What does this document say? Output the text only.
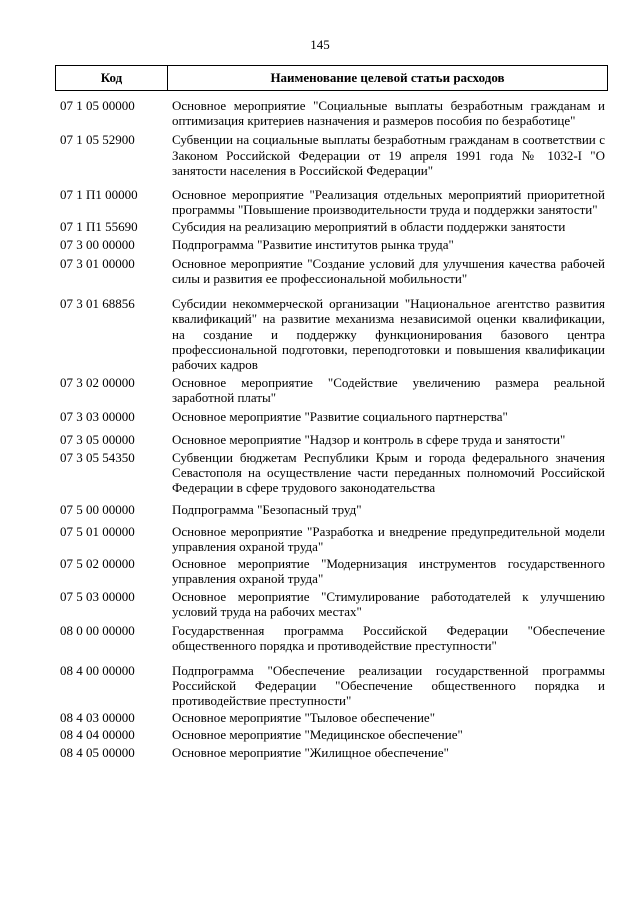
145
Код	Наименование целевой статьи расходов
07 1 05 00000	Основное мероприятие "Социальные выплаты безработным гражданам и оптимизация критериев назначения и размеров пособия по безработице"
07 1 05 52900	Субвенции на социальные выплаты безработным гражданам в соответствии с Законом Российской Федерации от 19 апреля 1991 года № 1032-I "О занятости населения в Российской Федерации"
07 1 П1 00000	Основное мероприятие "Реализация отдельных мероприятий приоритетной программы "Повышение производительности труда и поддержки занятости"
07 1 П1 55690	Субсидия на реализацию мероприятий в области поддержки занятости
07 3 00 00000	Подпрограмма "Развитие институтов рынка труда"
07 3 01 00000	Основное мероприятие "Создание условий для улучшения качества рабочей силы и развития ее профессиональной мобильности"
07 3 01 68856	Субсидии некоммерческой организации "Национальное агентство развития квалификаций" на развитие механизма независимой оценки квалификации, на создание и поддержку функционирования базового центра профессиональной подготовки, переподготовки и повышения квалификации рабочих кадров
07 3 02 00000	Основное мероприятие "Содействие увеличению размера реальной заработной платы"
07 3 03 00000	Основное мероприятие "Развитие социального партнерства"
07 3 05 00000	Основное мероприятие "Надзор и контроль в сфере труда и занятости"
07 3 05 54350	Субвенции бюджетам Республики Крым и города федерального значения Севастополя на осуществление части переданных полномочий Российской Федерации в сфере трудового законодательства
07 5 00 00000	Подпрограмма "Безопасный труд"
07 5 01 00000	Основное мероприятие "Разработка и внедрение предупредительной модели управления охраной труда"
07 5 02 00000	Основное мероприятие "Модернизация инструментов государственного управления охраной труда"
07 5 03 00000	Основное мероприятие "Стимулирование работодателей к улучшению условий труда на рабочих местах"
08 0 00 00000	Государственная программа Российской Федерации "Обеспечение общественного порядка и противодействие преступности"
08 4 00 00000	Подпрограмма "Обеспечение реализации государственной программы Российской Федерации "Обеспечение общественного порядка и противодействие преступности"
08 4 03 00000	Основное мероприятие "Тыловое обеспечение"
08 4 04 00000	Основное мероприятие "Медицинское обеспечение"
08 4 05 00000	Основное мероприятие "Жилищное обеспечение"
